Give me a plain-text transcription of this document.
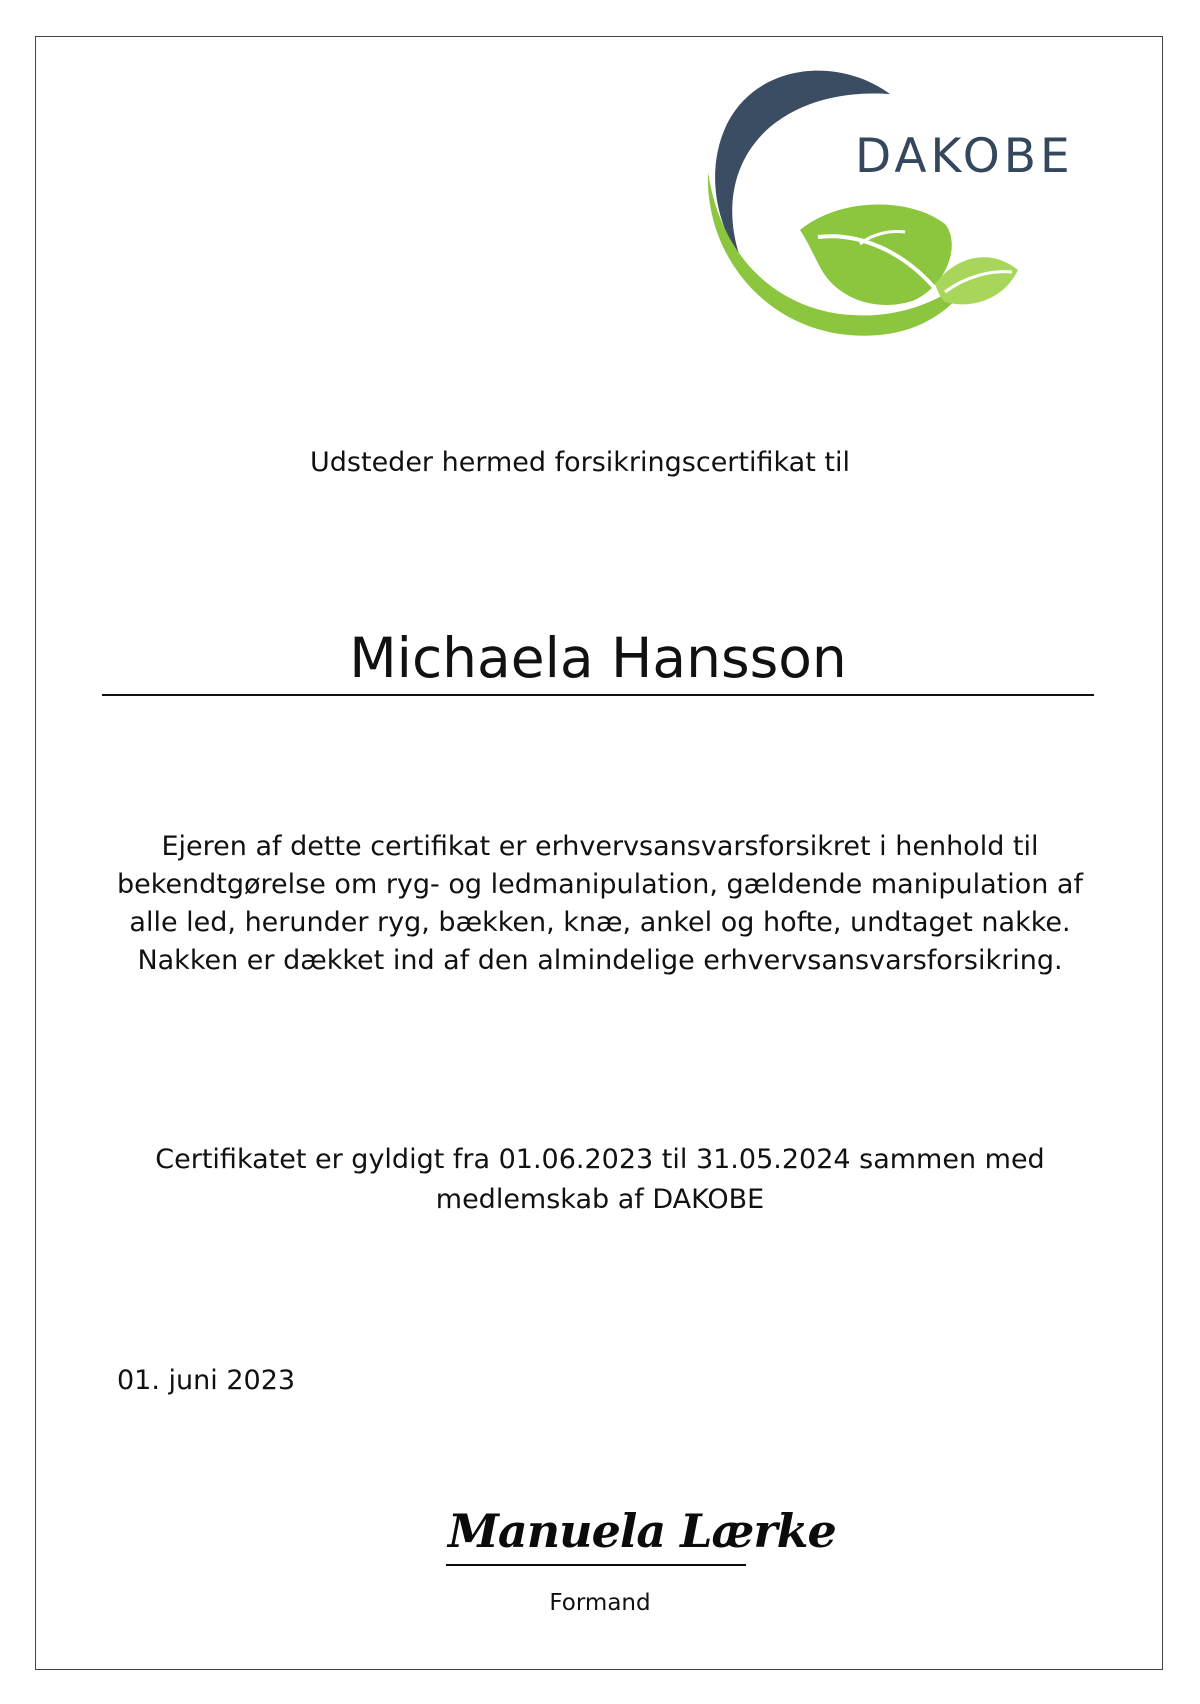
DAKOBE
Udsteder hermed forsikringscertifikat til
Michaela Hansson
Ejeren af dette certifikat er erhvervsansvarsforsikret i henhold til bekendtgørelse om ryg- og ledmanipulation, gældende manipulation af alle led, herunder ryg, bækken, knæ, ankel og hofte, undtaget nakke. Nakken er dækket ind af den almindelige erhvervsansvarsforsikring.
Certifikatet er gyldigt fra 01.06.2023 til 31.05.2024 sammen med medlemskab af DAKOBE
01. juni 2023
Manuela Lærke
Formand
